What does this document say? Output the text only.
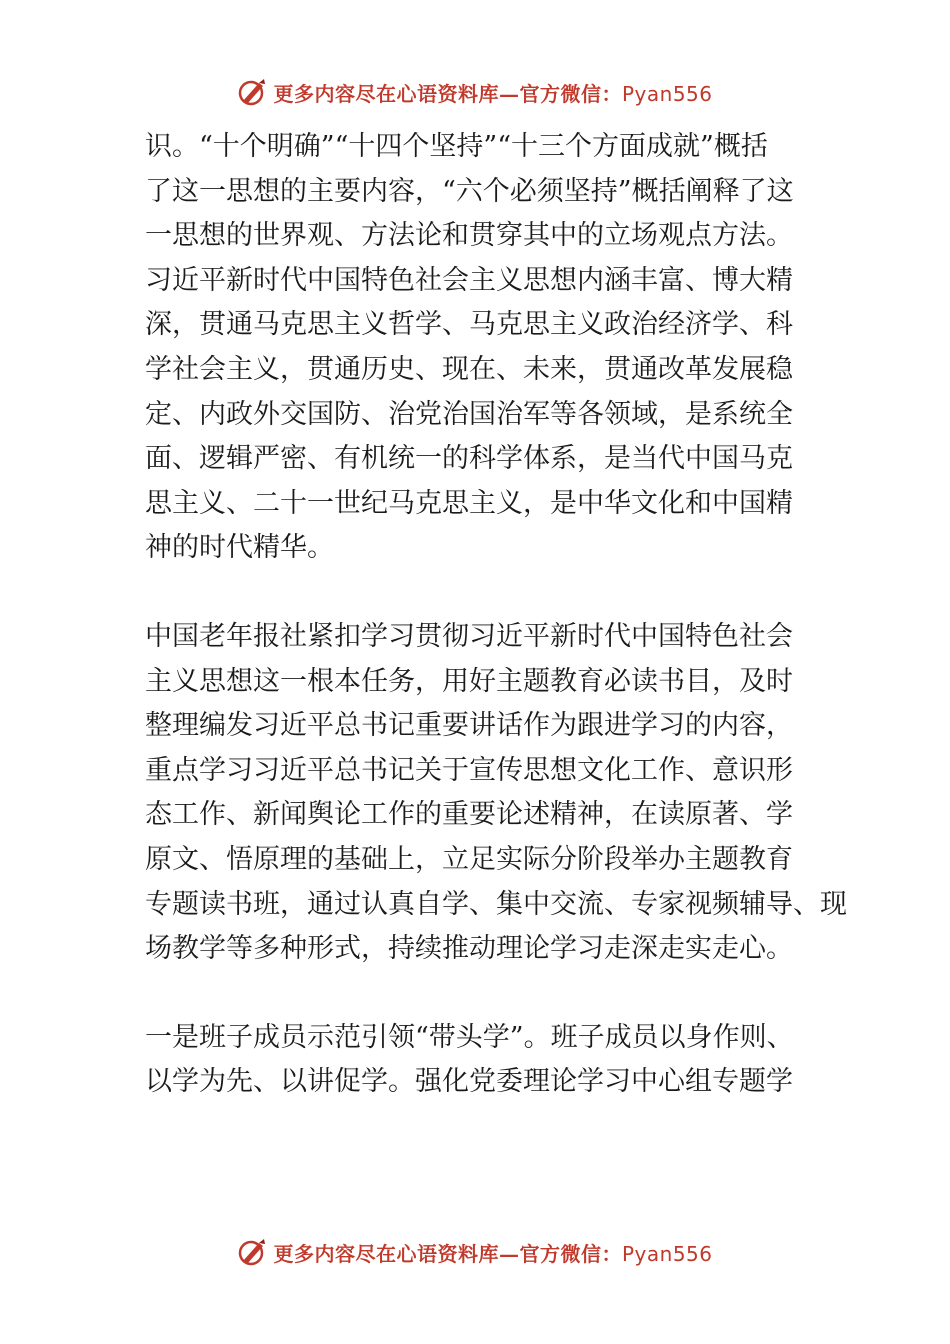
更多内容尽在心语资料库—官方微信：Pyan556

识。“十个明确”“十四个坚持”“十三个方面成就”概括
了这一思想的主要内容，“六个必须坚持”概括阐释了这
一思想的世界观、方法论和贯穿其中的立场观点方法。
习近平新时代中国特色社会主义思想内涵丰富、博大精
深，贯通马克思主义哲学、马克思主义政治经济学、科
学社会主义，贯通历史、现在、未来，贯通改革发展稳
定、内政外交国防、治党治国治军等各领域，是系统全
面、逻辑严密、有机统一的科学体系，是当代中国马克
思主义、二十一世纪马克思主义，是中华文化和中国精
神的时代精华。

中国老年报社紧扣学习贯彻习近平新时代中国特色社会
主义思想这一根本任务，用好主题教育必读书目，及时
整理编发习近平总书记重要讲话作为跟进学习的内容，
重点学习习近平总书记关于宣传思想文化工作、意识形
态工作、新闻舆论工作的重要论述精神，在读原著、学
原文、悟原理的基础上，立足实际分阶段举办主题教育
专题读书班，通过认真自学、集中交流、专家视频辅导、现
场教学等多种形式，持续推动理论学习走深走实走心。

一是班子成员示范引领“带头学”。班子成员以身作则、
以学为先、以讲促学。强化党委理论学习中心组专题学

更多内容尽在心语资料库—官方微信：Pyan556
